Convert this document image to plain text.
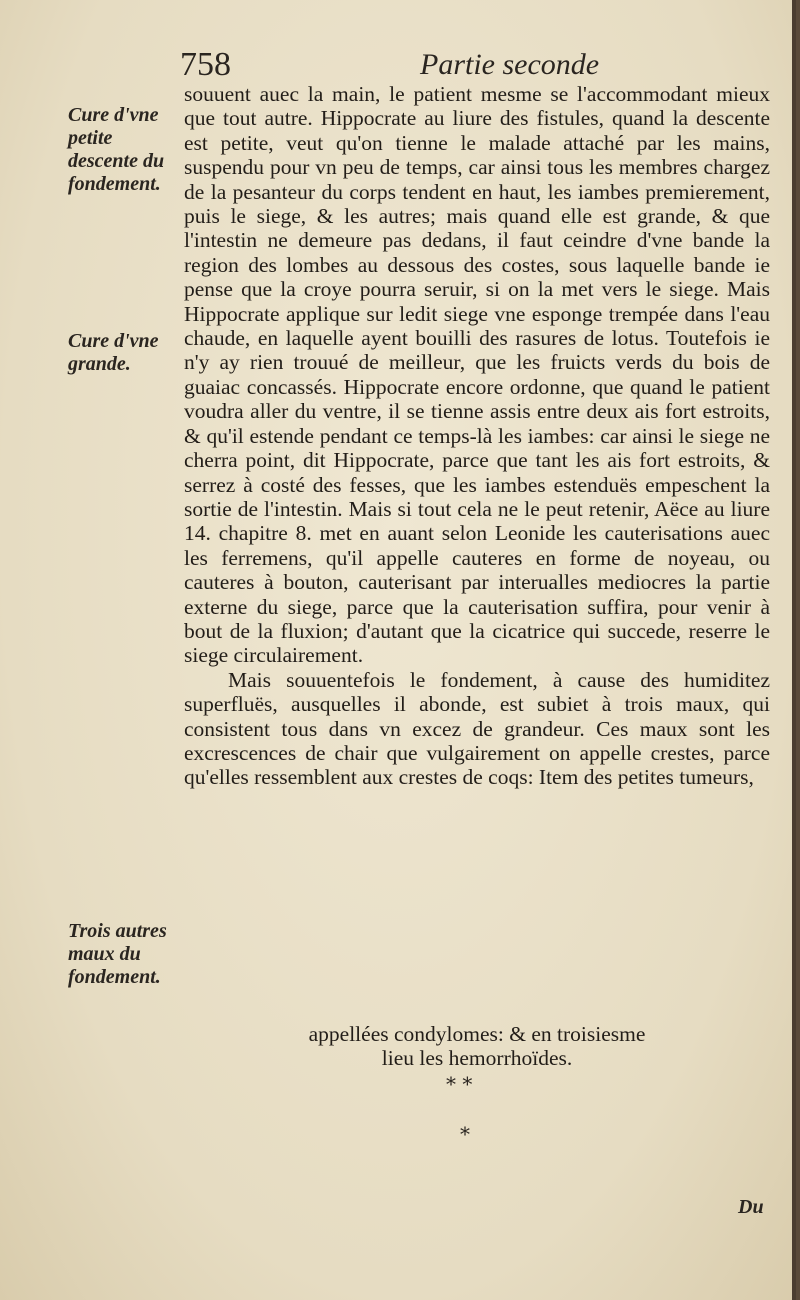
758	Partie seconde
Cure d'vne petite descente du fondement.
Cure d'vne grande.
Trois autres maux du fondement.

souuent auec la main, le patient mesme se l'accommodant mieux que tout autre. Hippocrate au liure des fistules, quand la descente est petite, veut qu'on tienne le malade attaché par les mains, suspendu pour vn peu de temps, car ainsi tous les membres chargez de la pesanteur du corps tendent en haut, les iambes premierement, puis le siege, & les autres; mais quand elle est grande, & que l'intestin ne demeure pas dedans, il faut ceindre d'vne bande la region des lombes au dessous des costes, sous laquelle bande ie pense que la croye pourra seruir, si on la met vers le siege. Mais Hippocrate applique sur ledit siege vne esponge trempée dans l'eau chaude, en laquelle ayent bouilli des rasures de lotus. Toutefois ie n'y ay rien trouué de meilleur, que les fruicts verds du bois de guaiac concassés. Hippocrate encore ordonne, que quand le patient voudra aller du ventre, il se tienne assis entre deux ais fort estroits, & qu'il estende pendant ce temps-là les iambes: car ainsi le siege ne cherra point, dit Hippocrate, parce que tant les ais fort estroits, & serrez à costé des fesses, que les iambes estenduës empeschent la sortie de l'intestin. Mais si tout cela ne le peut retenir, Aëce au liure 14. chapitre 8. met en auant selon Leonide les cauterisations auec les ferremens, qu'il appelle cauteres en forme de noyeau, ou cauteres à bouton, cauterisant par interualles mediocres la partie externe du siege, parce que la cauterisation suffira, pour venir à bout de la fluxion; d'autant que la cicatrice qui succede, reserre le siege circulairement.

Mais souuentefois le fondement, à cause des humiditez superfluës, ausquelles il abonde, est subiet à trois maux, qui consistent tous dans vn excez de grandeur. Ces maux sont les excrescences de chair que vulgairement on appelle crestes, parce qu'elles ressemblent aux crestes de coqs: Item des petites tumeurs,

appellées condylomes: & en troisiesme
lieu les hemorrhoïdes.
* *
*
Du
